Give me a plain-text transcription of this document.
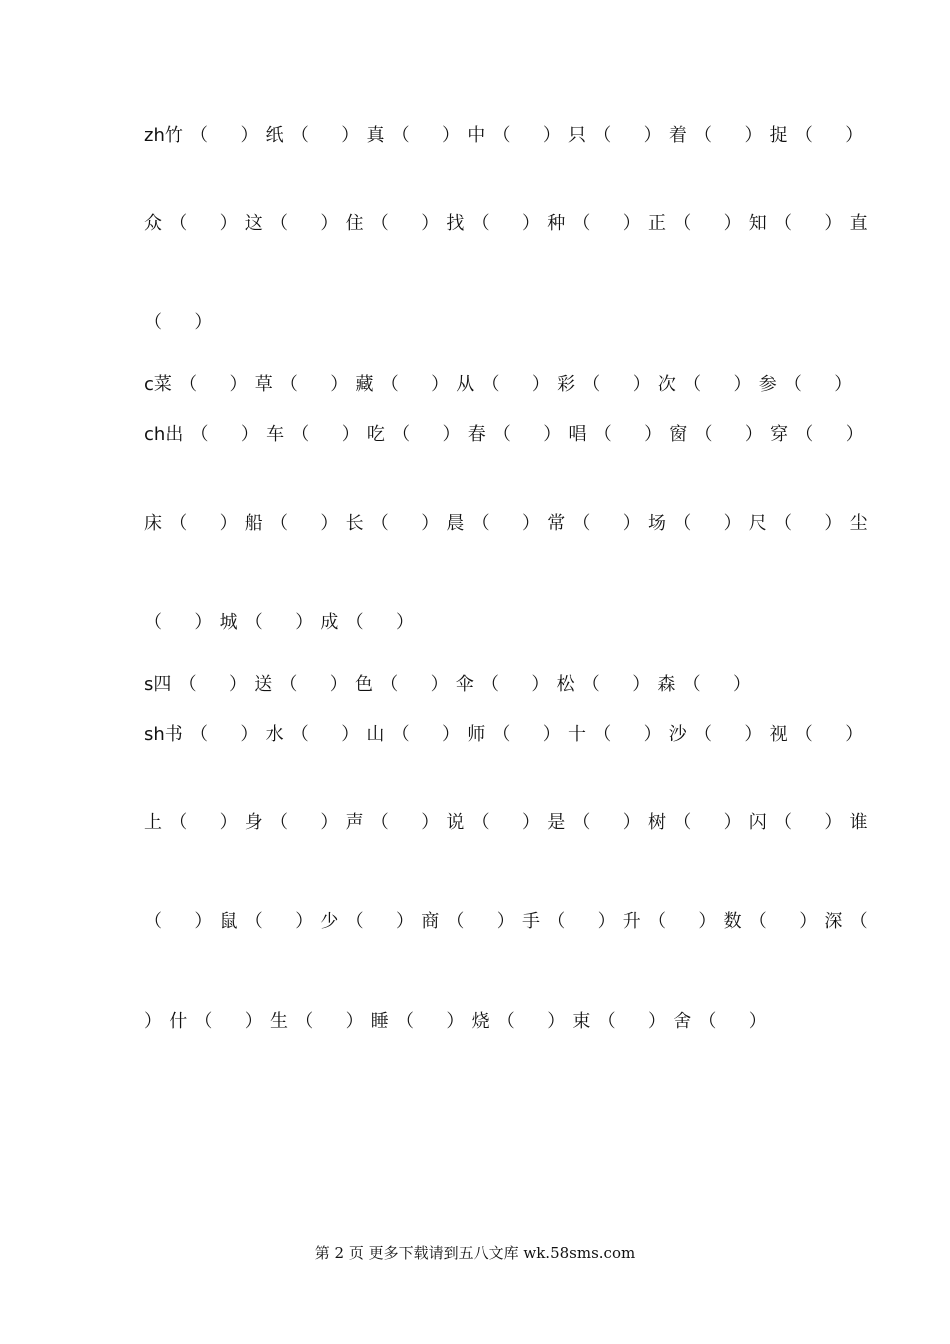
zh竹（　）纸（　）真（　）中（　）只（　）着（　）捉（　）
众（　）这（　）住（　）找（　）种（　）正（　）知（　）直
（　）
c菜（　）草（　）藏（　）从（　）彩（　）次（　）参（　）
ch出（　）车（　）吃（　）春（　）唱（　）窗（　）穿（　）
床（　）船（　）长（　）晨（　）常（　）场（　）尺（　）尘
（　）城（　）成（　）
s四（　）送（　）色（　）伞（　）松（　）森（　）
sh书（　）水（　）山（　）师（　）十（　）沙（　）视（　）
上（　）身（　）声（　）说（　）是（　）树（　）闪（　）谁
（　）鼠（　）少（　）商（　）手（　）升（　）数（　）深（
）什（　）生（　）睡（　）烧（　）束（　）舍（　）
第 2 页 更多下载请到五八文库 wk.58sms.com
